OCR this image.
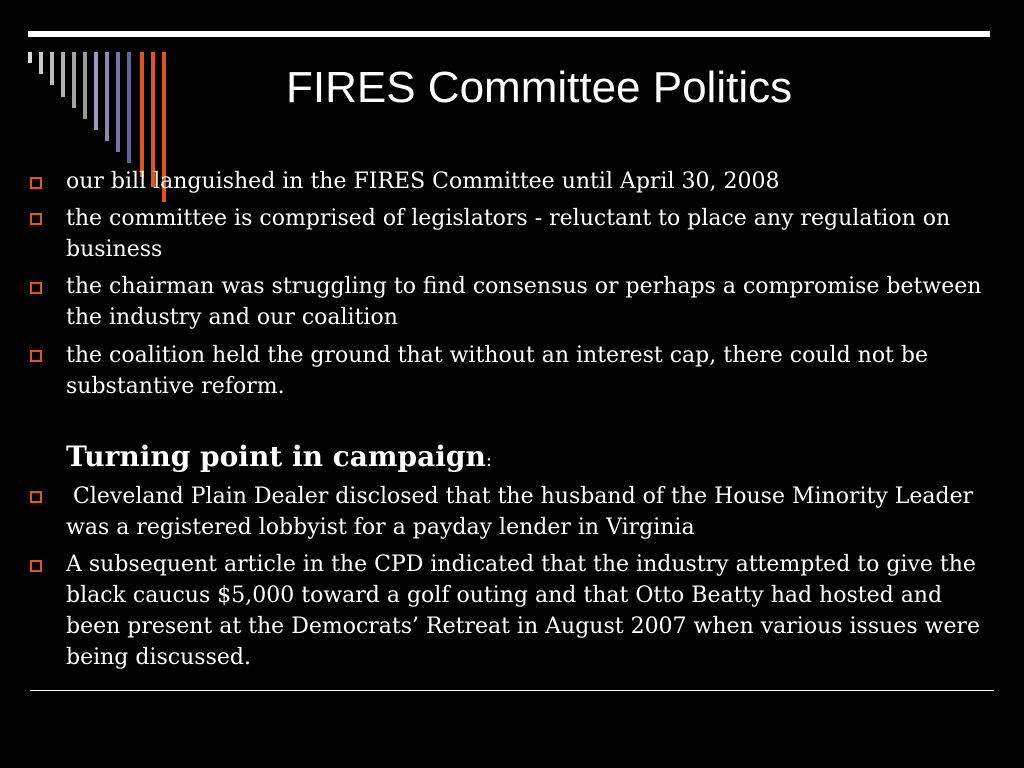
FIRES Committee Politics
our bill languished in the FIRES Committee until April 30, 2008
the committee is comprised of legislators - reluctant to place any regulation on business
the chairman was struggling to find consensus or perhaps a compromise between the industry and our coalition
the coalition held the ground that without an interest cap, there could not be substantive reform.
Turning point in campaign:
Cleveland Plain Dealer disclosed that the husband of the House Minority Leader was a registered lobbyist for a payday lender in Virginia
A subsequent article in the CPD indicated that the industry attempted to give the black caucus $5,000 toward a golf outing and that Otto Beatty had hosted and been present at the Democrats’ Retreat in August 2007 when various issues were being discussed.
